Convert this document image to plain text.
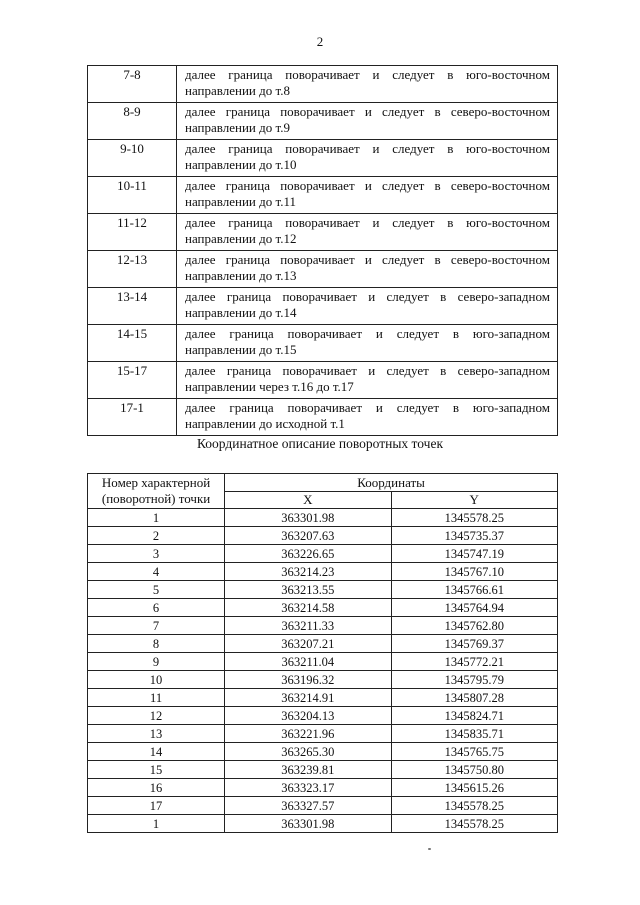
2
7-8	далее граница поворачивает и следует в юго-восточном направлении до т.8
8-9	далее граница поворачивает и следует в северо-восточном направлении до т.9
9-10	далее граница поворачивает и следует в юго-восточном направлении до т.10
10-11	далее граница поворачивает и следует в северо-восточном направлении до т.11
11-12	далее граница поворачивает и следует в юго-восточном направлении до т.12
12-13	далее граница поворачивает и следует в северо-восточном направлении до т.13
13-14	далее граница поворачивает и следует в северо-западном направлении до т.14
14-15	далее граница поворачивает и следует в юго-западном направлении до т.15
15-17	далее граница поворачивает и следует в северо-западном направлении через т.16 до т.17
17-1	далее граница поворачивает и следует в юго-западном направлении до исходной т.1
Координатное описание поворотных точек
Номер характерной (поворотной) точки	Координаты	
	X	Y
1	363301.98	1345578.25
2	363207.63	1345735.37
3	363226.65	1345747.19
4	363214.23	1345767.10
5	363213.55	1345766.61
6	363214.58	1345764.94
7	363211.33	1345762.80
8	363207.21	1345769.37
9	363211.04	1345772.21
10	363196.32	1345795.79
11	363214.91	1345807.28
12	363204.13	1345824.71
13	363221.96	1345835.71
14	363265.30	1345765.75
15	363239.81	1345750.80
16	363323.17	1345615.26
17	363327.57	1345578.25
1	363301.98	1345578.25
